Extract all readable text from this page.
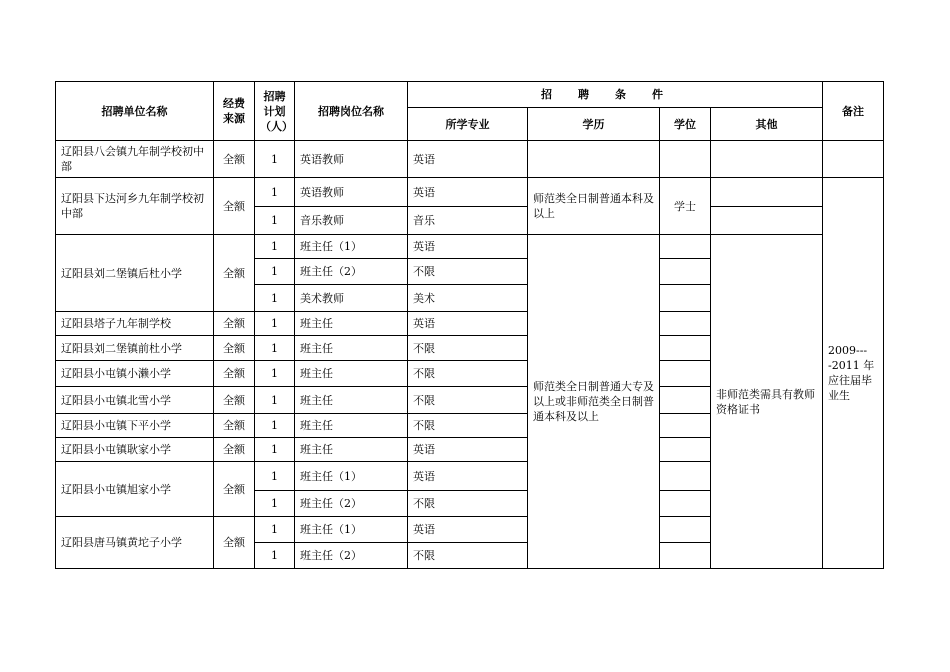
招聘单位名称	经费来源	招聘计划（人）	招聘岗位名称	招聘条件				备注
				所学专业	学历	学位	其他	
辽阳县八会镇九年制学校初中部	全额	1	英语教师	英语				
辽阳县下达河乡九年制学校初中部	全额	1	英语教师	英语	师范类全日制普通本科及以上	学士		2009----2011 年应往届毕业生
		1	音乐教师	音乐				
辽阳县刘二堡镇后杜小学	全额	1	班主任（1）	英语	师范类全日制普通大专及以上或非师范类全日制普通本科及以上		非师范类需具有教师资格证书	
		1	班主任（2）	不限				
		1	美术教师	美术				
辽阳县塔子九年制学校	全额	1	班主任	英语				
辽阳县刘二堡镇前杜小学	全额	1	班主任	不限				
辽阳县小屯镇小濑小学	全额	1	班主任	不限				
辽阳县小屯镇北雪小学	全额	1	班主任	不限				
辽阳县小屯镇下平小学	全额	1	班主任	不限				
辽阳县小屯镇耿家小学	全额	1	班主任	英语				
辽阳县小屯镇旭家小学	全额	1	班主任（1）	英语				
		1	班主任（2）	不限				
辽阳县唐马镇黄坨子小学	全额	1	班主任（1）	英语				
		1	班主任（2）	不限				
